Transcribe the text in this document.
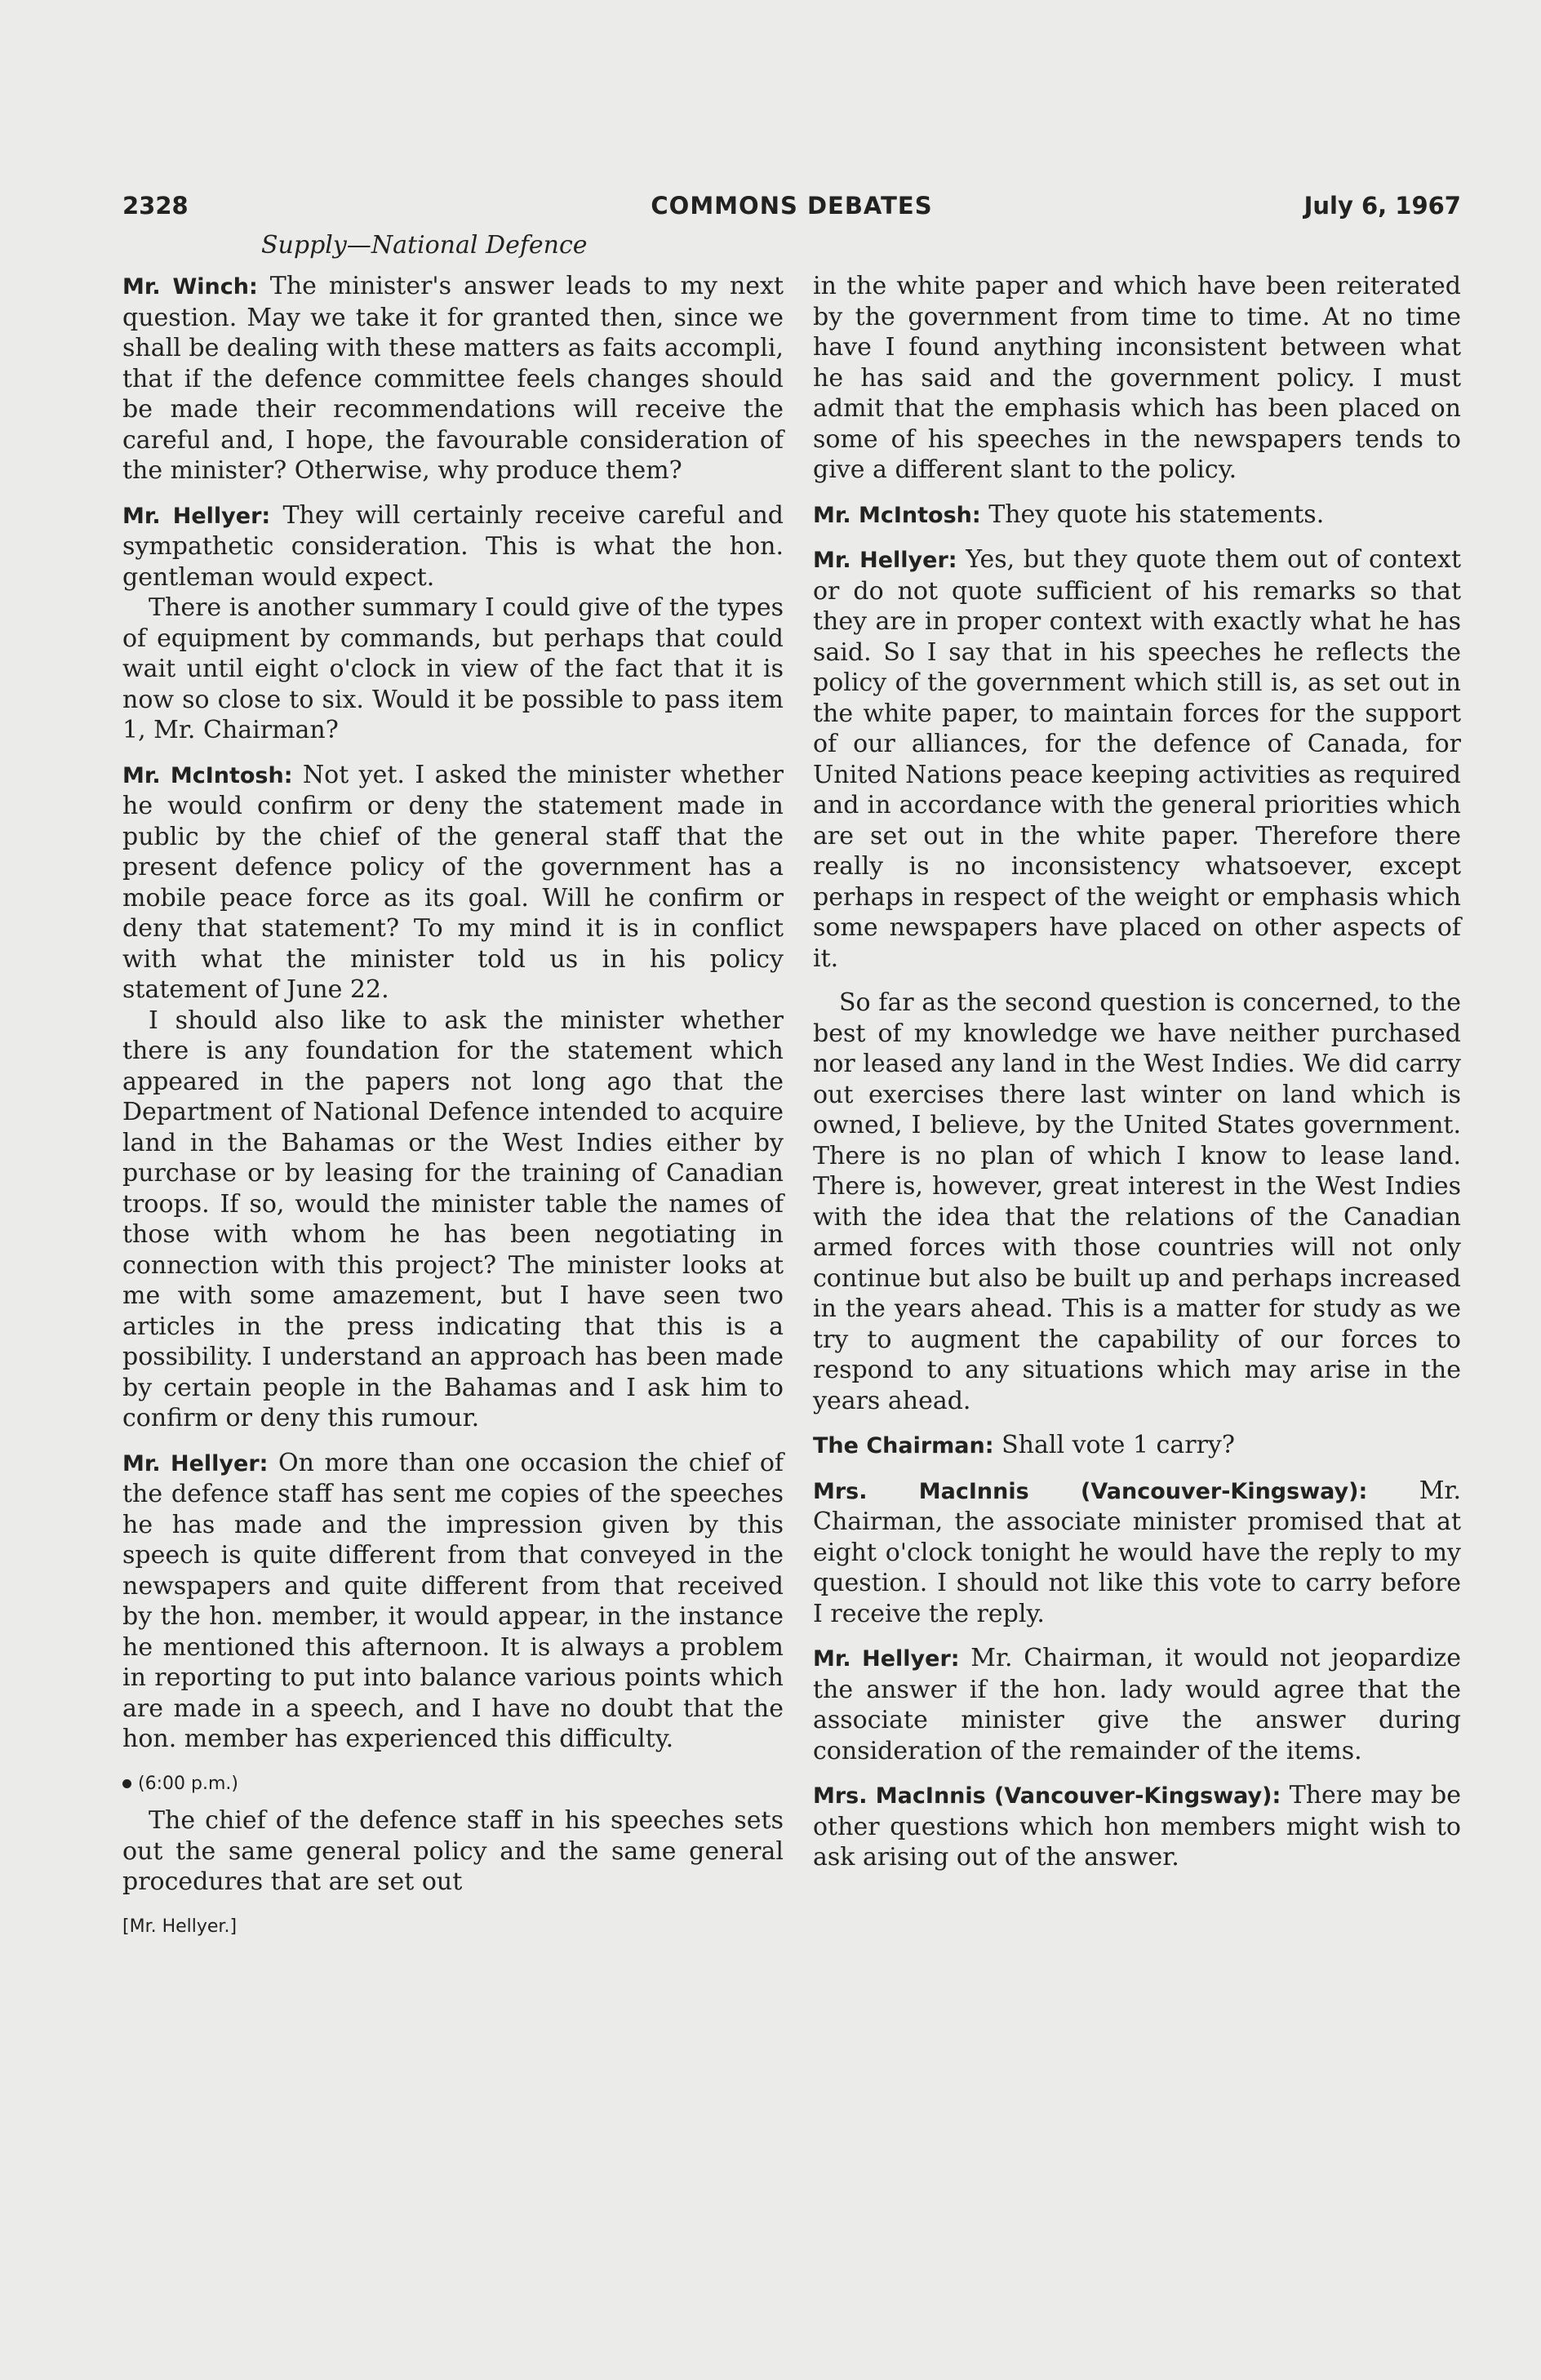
2328	COMMONS DEBATES	July 6, 1967
Supply—National Defence

Mr. Winch: The minister's answer leads to my next question. May we take it for granted then, since we shall be dealing with these matters as faits accompli, that if the defence committee feels changes should be made their recommendations will receive the careful and, I hope, the favourable consideration of the minister? Otherwise, why produce them?

Mr. Hellyer: They will certainly receive careful and sympathetic consideration. This is what the hon. gentleman would expect.

There is another summary I could give of the types of equipment by commands, but perhaps that could wait until eight o'clock in view of the fact that it is now so close to six. Would it be possible to pass item 1, Mr. Chairman?

Mr. McIntosh: Not yet. I asked the minister whether he would confirm or deny the statement made in public by the chief of the general staff that the present defence policy of the government has a mobile peace force as its goal. Will he confirm or deny that statement? To my mind it is in conflict with what the minister told us in his policy statement of June 22.

I should also like to ask the minister whether there is any foundation for the statement which appeared in the papers not long ago that the Department of National Defence intended to acquire land in the Bahamas or the West Indies either by purchase or by leasing for the training of Canadian troops. If so, would the minister table the names of those with whom he has been negotiating in connection with this project? The minister looks at me with some amazement, but I have seen two articles in the press indicating that this is a possibility. I understand an approach has been made by certain people in the Bahamas and I ask him to confirm or deny this rumour.

Mr. Hellyer: On more than one occasion the chief of the defence staff has sent me copies of the speeches he has made and the impression given by this speech is quite different from that conveyed in the newspapers and quite different from that received by the hon. member, it would appear, in the instance he mentioned this afternoon. It is always a problem in reporting to put into balance various points which are made in a speech, and I have no doubt that the hon. member has experienced this difficulty.

(6:00 p.m.)

The chief of the defence staff in his speeches sets out the same general policy and the same general procedures that are set out

[Mr. Hellyer.]

in the white paper and which have been reiterated by the government from time to time. At no time have I found anything inconsistent between what he has said and the government policy. I must admit that the emphasis which has been placed on some of his speeches in the newspapers tends to give a different slant to the policy.

Mr. McIntosh: They quote his statements.

Mr. Hellyer: Yes, but they quote them out of context or do not quote sufficient of his remarks so that they are in proper context with exactly what he has said. So I say that in his speeches he reflects the policy of the government which still is, as set out in the white paper, to maintain forces for the support of our alliances, for the defence of Canada, for United Nations peace keeping activities as required and in accordance with the general priorities which are set out in the white paper. Therefore there really is no inconsistency whatsoever, except perhaps in respect of the weight or emphasis which some newspapers have placed on other aspects of it.

So far as the second question is concerned, to the best of my knowledge we have neither purchased nor leased any land in the West Indies. We did carry out exercises there last winter on land which is owned, I believe, by the United States government. There is no plan of which I know to lease land. There is, however, great interest in the West Indies with the idea that the relations of the Canadian armed forces with those countries will not only continue but also be built up and perhaps increased in the years ahead. This is a matter for study as we try to augment the capability of our forces to respond to any situations which may arise in the years ahead.

The Chairman: Shall vote 1 carry?

Mrs. MacInnis (Vancouver-Kingsway): Mr. Chairman, the associate minister promised that at eight o'clock tonight he would have the reply to my question. I should not like this vote to carry before I receive the reply.

Mr. Hellyer: Mr. Chairman, it would not jeopardize the answer if the hon. lady would agree that the associate minister give the answer during consideration of the remainder of the items.

Mrs. MacInnis (Vancouver-Kingsway): There may be other questions which hon members might wish to ask arising out of the answer.
